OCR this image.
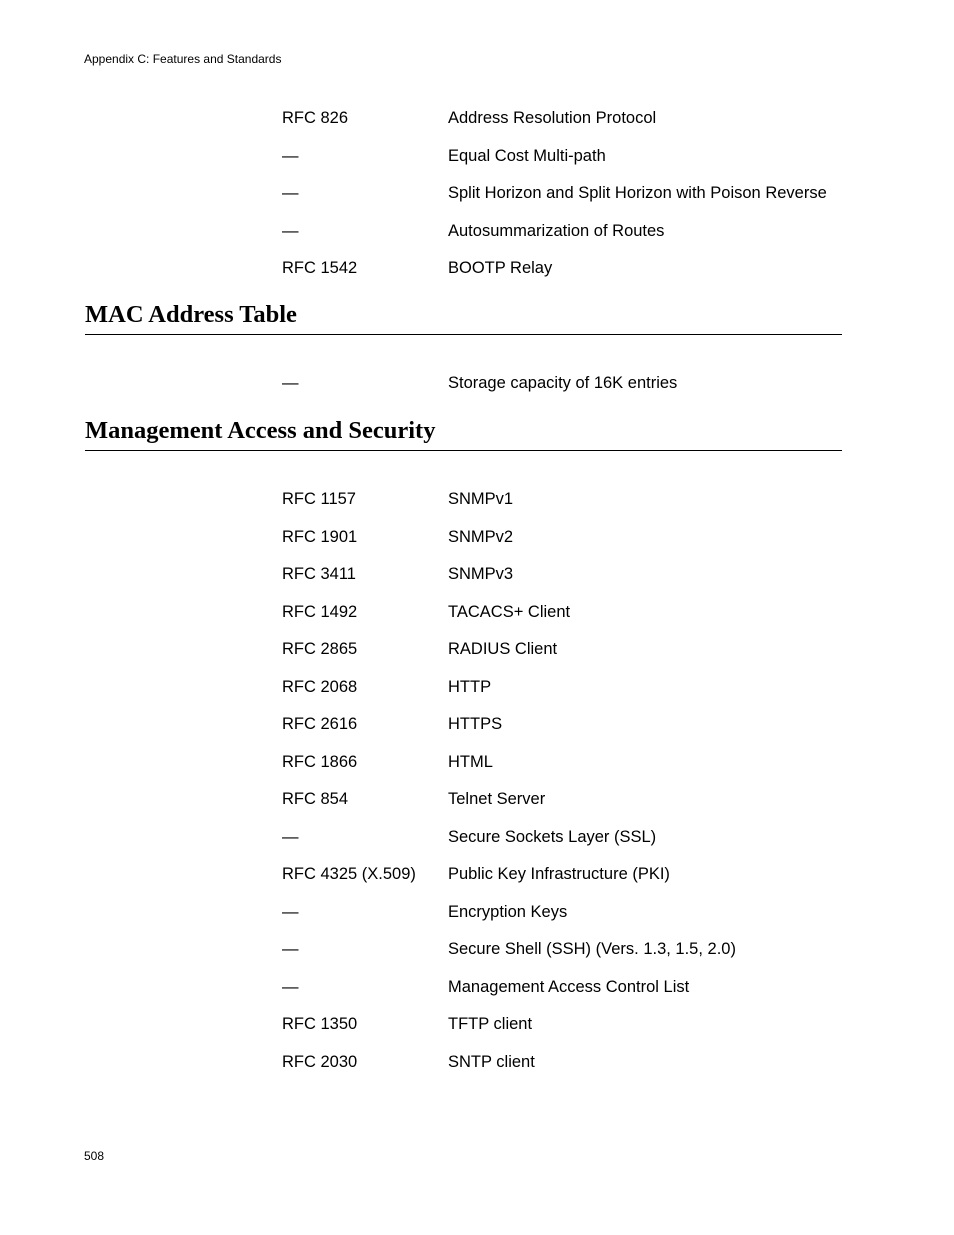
Appendix C: Features and Standards
RFC 826	Address Resolution Protocol
—	Equal Cost Multi-path
—	Split Horizon and Split Horizon with Poison Reverse
—	Autosummarization of Routes
RFC 1542	BOOTP Relay
MAC Address Table
—	Storage capacity of 16K entries
Management Access and Security
RFC 1157	SNMPv1
RFC 1901	SNMPv2
RFC 3411	SNMPv3
RFC 1492	TACACS+ Client
RFC 2865	RADIUS Client
RFC 2068	HTTP
RFC 2616	HTTPS
RFC 1866	HTML
RFC 854	Telnet Server
—	Secure Sockets Layer (SSL)
RFC 4325 (X.509) Public Key Infrastructure (PKI)
—	Encryption Keys
—	Secure Shell (SSH) (Vers. 1.3, 1.5, 2.0)
—	Management Access Control List
RFC 1350	TFTP client
RFC 2030	SNTP client
508
